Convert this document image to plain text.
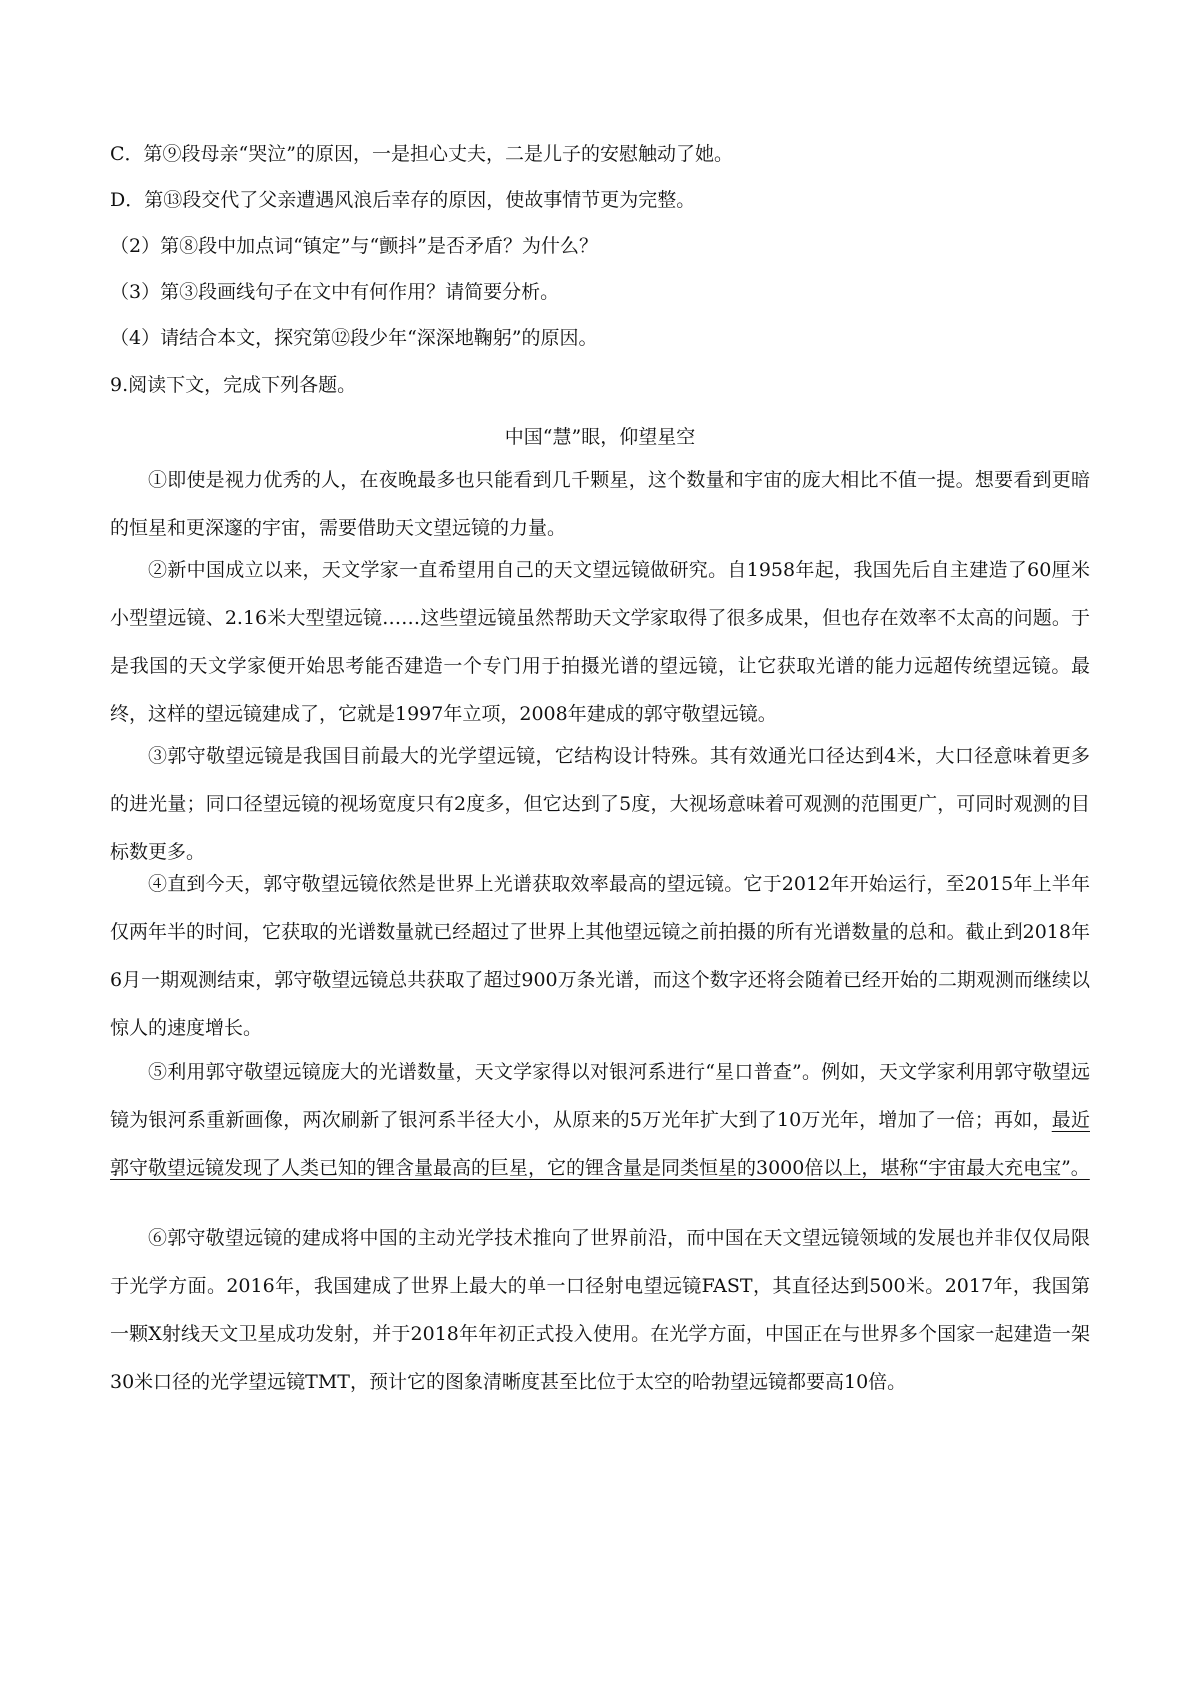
C．第⑨段母亲“哭泣”的原因，一是担心丈夫，二是儿子的安慰触动了她。
D．第⑬段交代了父亲遭遇风浪后幸存的原因，使故事情节更为完整。
（2）第⑧段中加点词“镇定”与“颤抖”是否矛盾？为什么？
（3）第③段画线句子在文中有何作用？请简要分析。
（4）请结合本文，探究第⑫段少年“深深地鞠躬”的原因。
9.阅读下文，完成下列各题。
中国“慧”眼，仰望星空
①即使是视力优秀的人，在夜晚最多也只能看到几千颗星，这个数量和宇宙的庞大相比不值一提。想要看到更暗的恒星和更深邃的宇宙，需要借助天文望远镜的力量。
②新中国成立以来，天文学家一直希望用自己的天文望远镜做研究。自1958年起，我国先后自主建造了60厘米小型望远镜、2.16米大型望远镜……这些望远镜虽然帮助天文学家取得了很多成果，但也存在效率不太高的问题。于是我国的天文学家便开始思考能否建造一个专门用于拍摄光谱的望远镜，让它获取光谱的能力远超传统望远镜。最终，这样的望远镜建成了，它就是1997年立项，2008年建成的郭守敬望远镜。
③郭守敬望远镜是我国目前最大的光学望远镜，它结构设计特殊。其有效通光口径达到4米，大口径意味着更多的进光量；同口径望远镜的视场宽度只有2度多，但它达到了5度，大视场意味着可观测的范围更广，可同时观测的目标数更多。
④直到今天，郭守敬望远镜依然是世界上光谱获取效率最高的望远镜。它于2012年开始运行，至2015年上半年仅两年半的时间，它获取的光谱数量就已经超过了世界上其他望远镜之前拍摄的所有光谱数量的总和。截止到2018年6月一期观测结束，郭守敬望远镜总共获取了超过900万条光谱，而这个数字还将会随着已经开始的二期观测而继续以惊人的速度增长。
⑤利用郭守敬望远镜庞大的光谱数量，天文学家得以对银河系进行“星口普查”。例如，天文学家利用郭守敬望远镜为银河系重新画像，两次刷新了银河系半径大小，从原来的5万光年扩大到了10万光年，增加了一倍；再如，最近郭守敬望远镜发现了人类已知的锂含量最高的巨星，它的锂含量是同类恒星的3000倍以上，堪称“宇宙最大充电宝”。
⑥郭守敬望远镜的建成将中国的主动光学技术推向了世界前沿，而中国在天文望远镜领域的发展也并非仅仅局限于光学方面。2016年，我国建成了世界上最大的单一口径射电望远镜FAST，其直径达到500米。2017年，我国第一颗X射线天文卫星成功发射，并于2018年年初正式投入使用。在光学方面，中国正在与世界多个国家一起建造一架30米口径的光学望远镜TMT，预计它的图象清晰度甚至比位于太空的哈勃望远镜都要高10倍。
